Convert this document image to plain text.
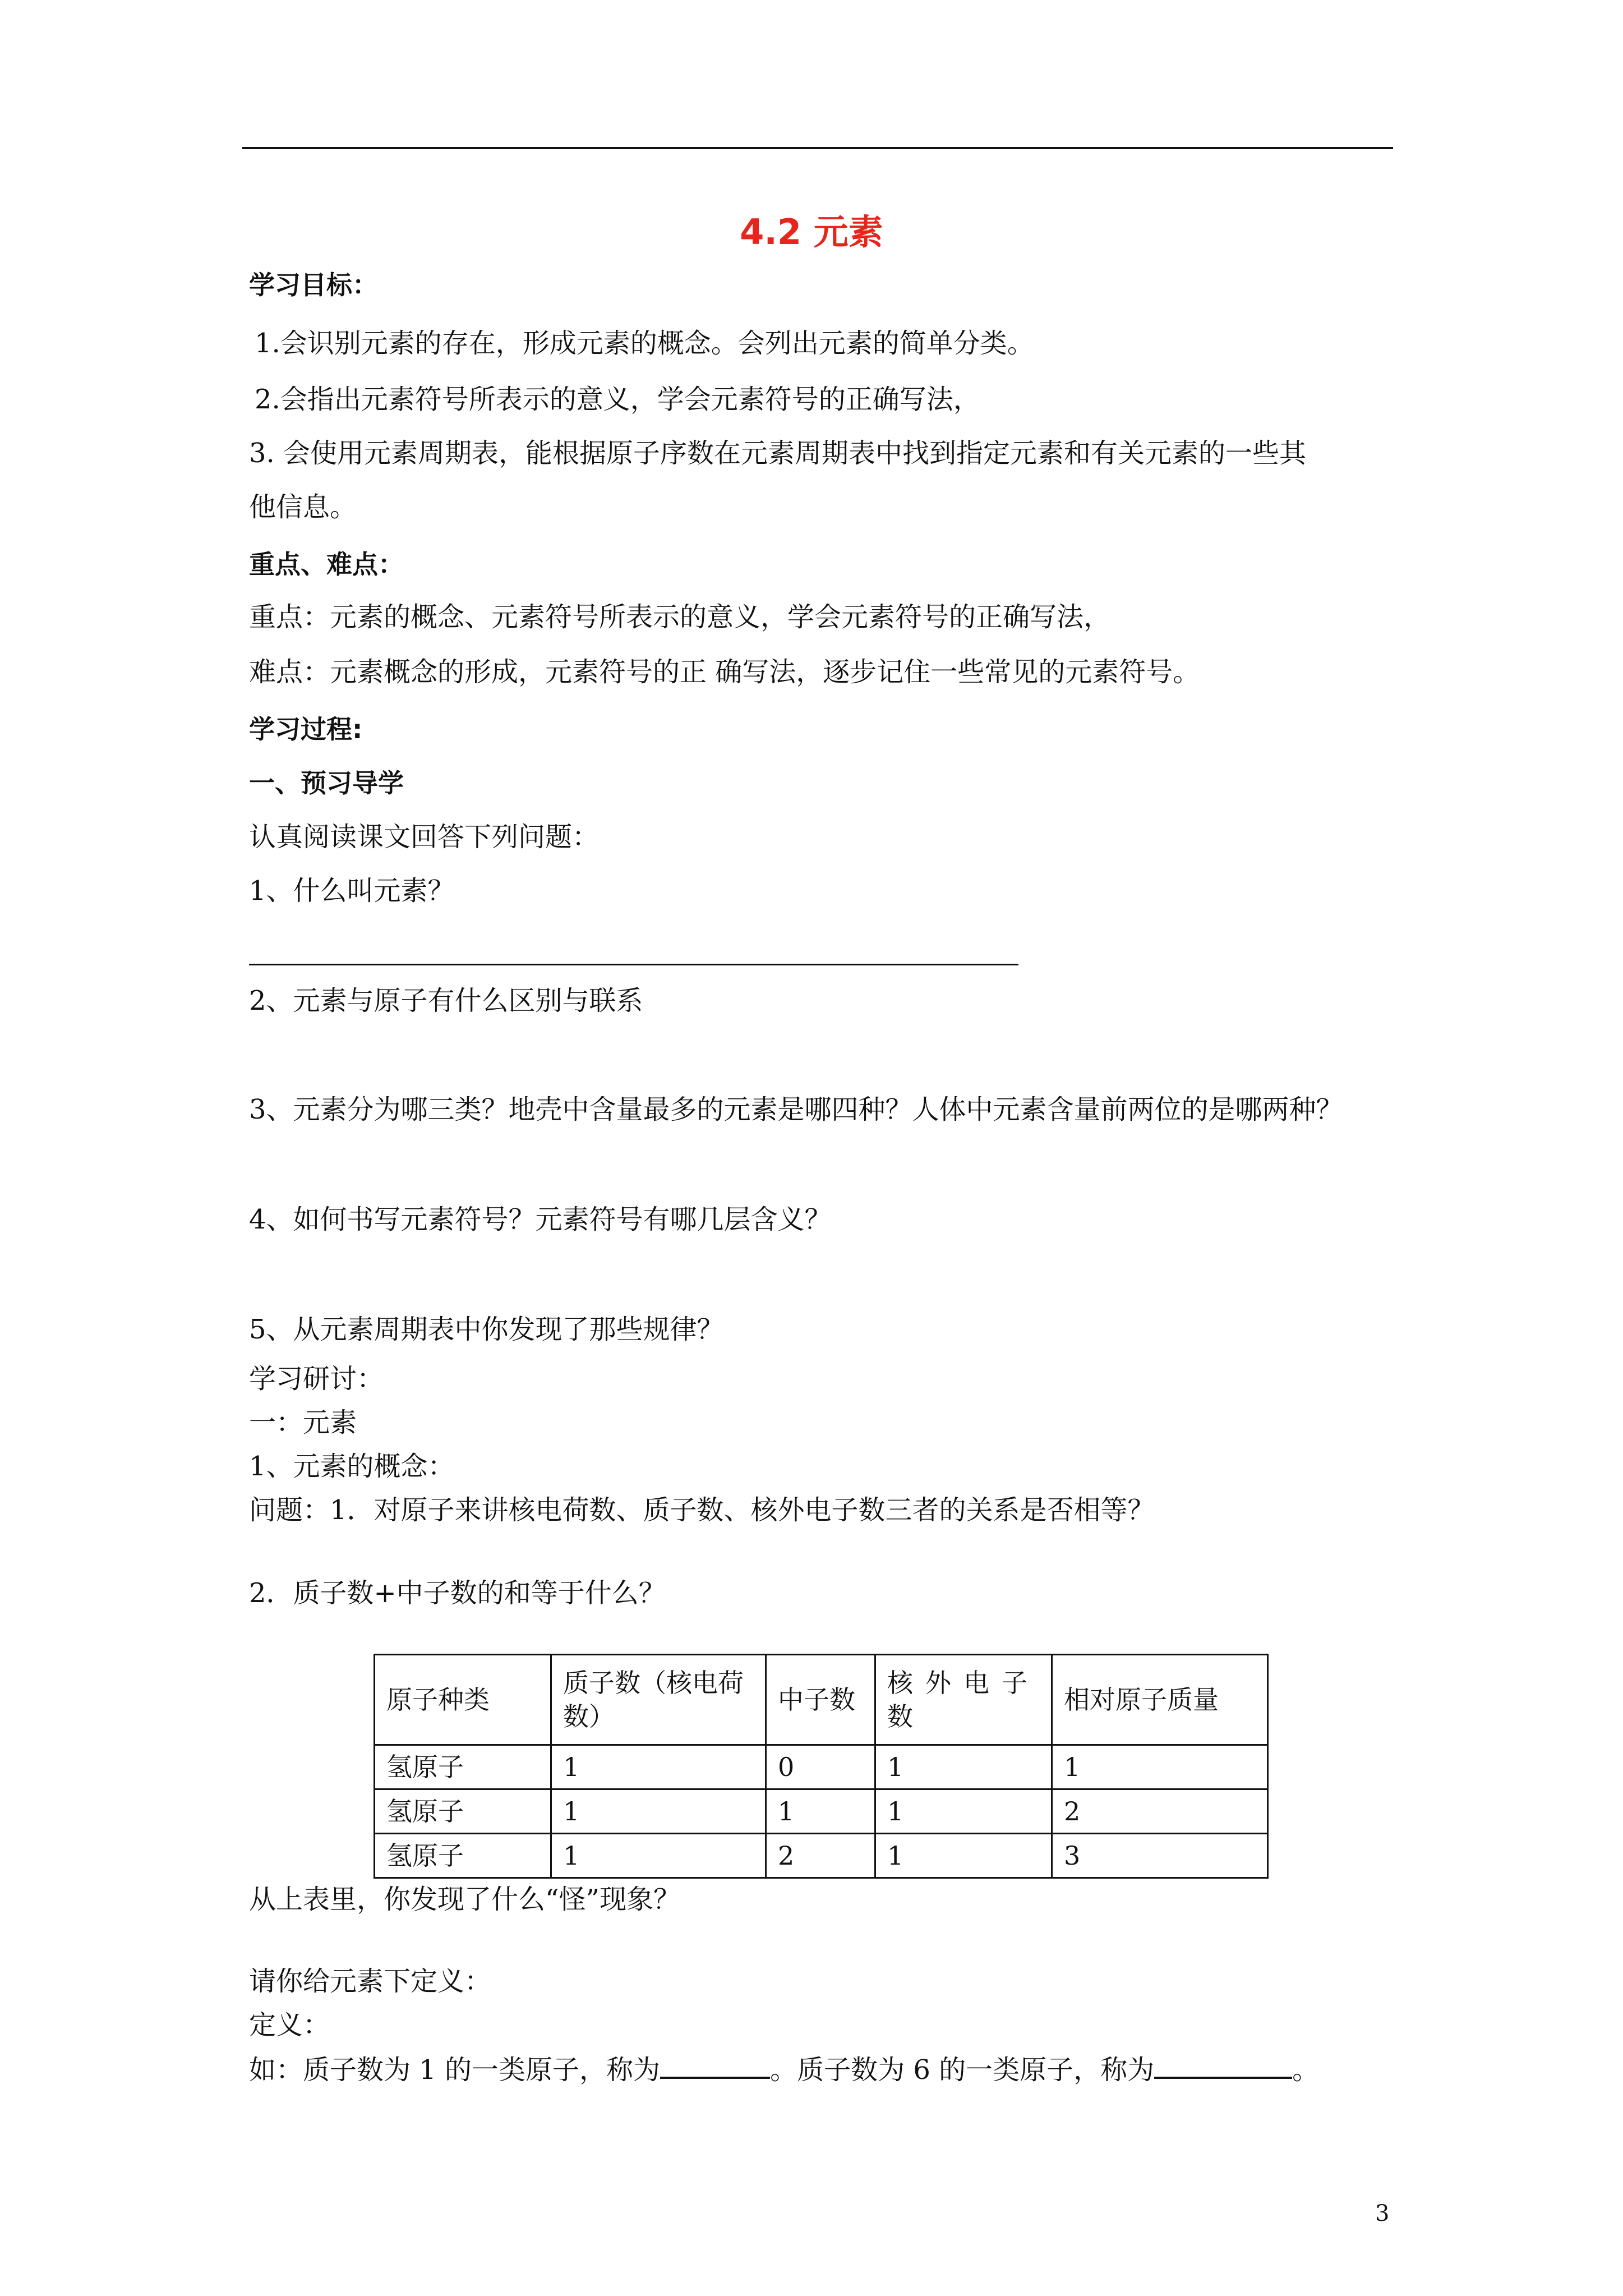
4.2 元素
学习目标：
1.会识别元素的存在，形成元素的概念。会列出元素的简单分类。
2.会指出元素符号所表示的意义，学会元素符号的正确写法，
3. 会使用元素周期表，能根据原子序数在元素周期表中找到指定元素和有关元素的一些其
他信息。
重点、难点：
重点：元素的概念、元素符号所表示的意义，学会元素符号的正确写法，
难点：元素概念的形成，元素符号的正 确写法，逐步记住一些常见的元素符号。
学习过程:
一、预习导学
认真阅读课文回答下列问题：
1、什么叫元素？
2、元素与原子有什么区别与联系
3、元素分为哪三类？地壳中含量最多的元素是哪四种？人体中元素含量前两位的是哪两种？
4、如何书写元素符号？元素符号有哪几层含义？
5、从元素周期表中你发现了那些规律？
学习研讨：
一：元素
1、元素的概念：
问题：1．对原子来讲核电荷数、质子数、核外电子数三者的关系是否相等？
2．质子数+中子数的和等于什么？
原子种类	质子数（核电荷数）	中子数	核外电子数	相对原子质量
氢原子	1	0	1	1
氢原子	1	1	1	2
氢原子	1	2	1	3
从上表里，你发现了什么“怪”现象？
请你给元素下定义：
定义：
如：质子数为 1 的一类原子，称为	。质子数为 6 的一类原子，称为	。
3
